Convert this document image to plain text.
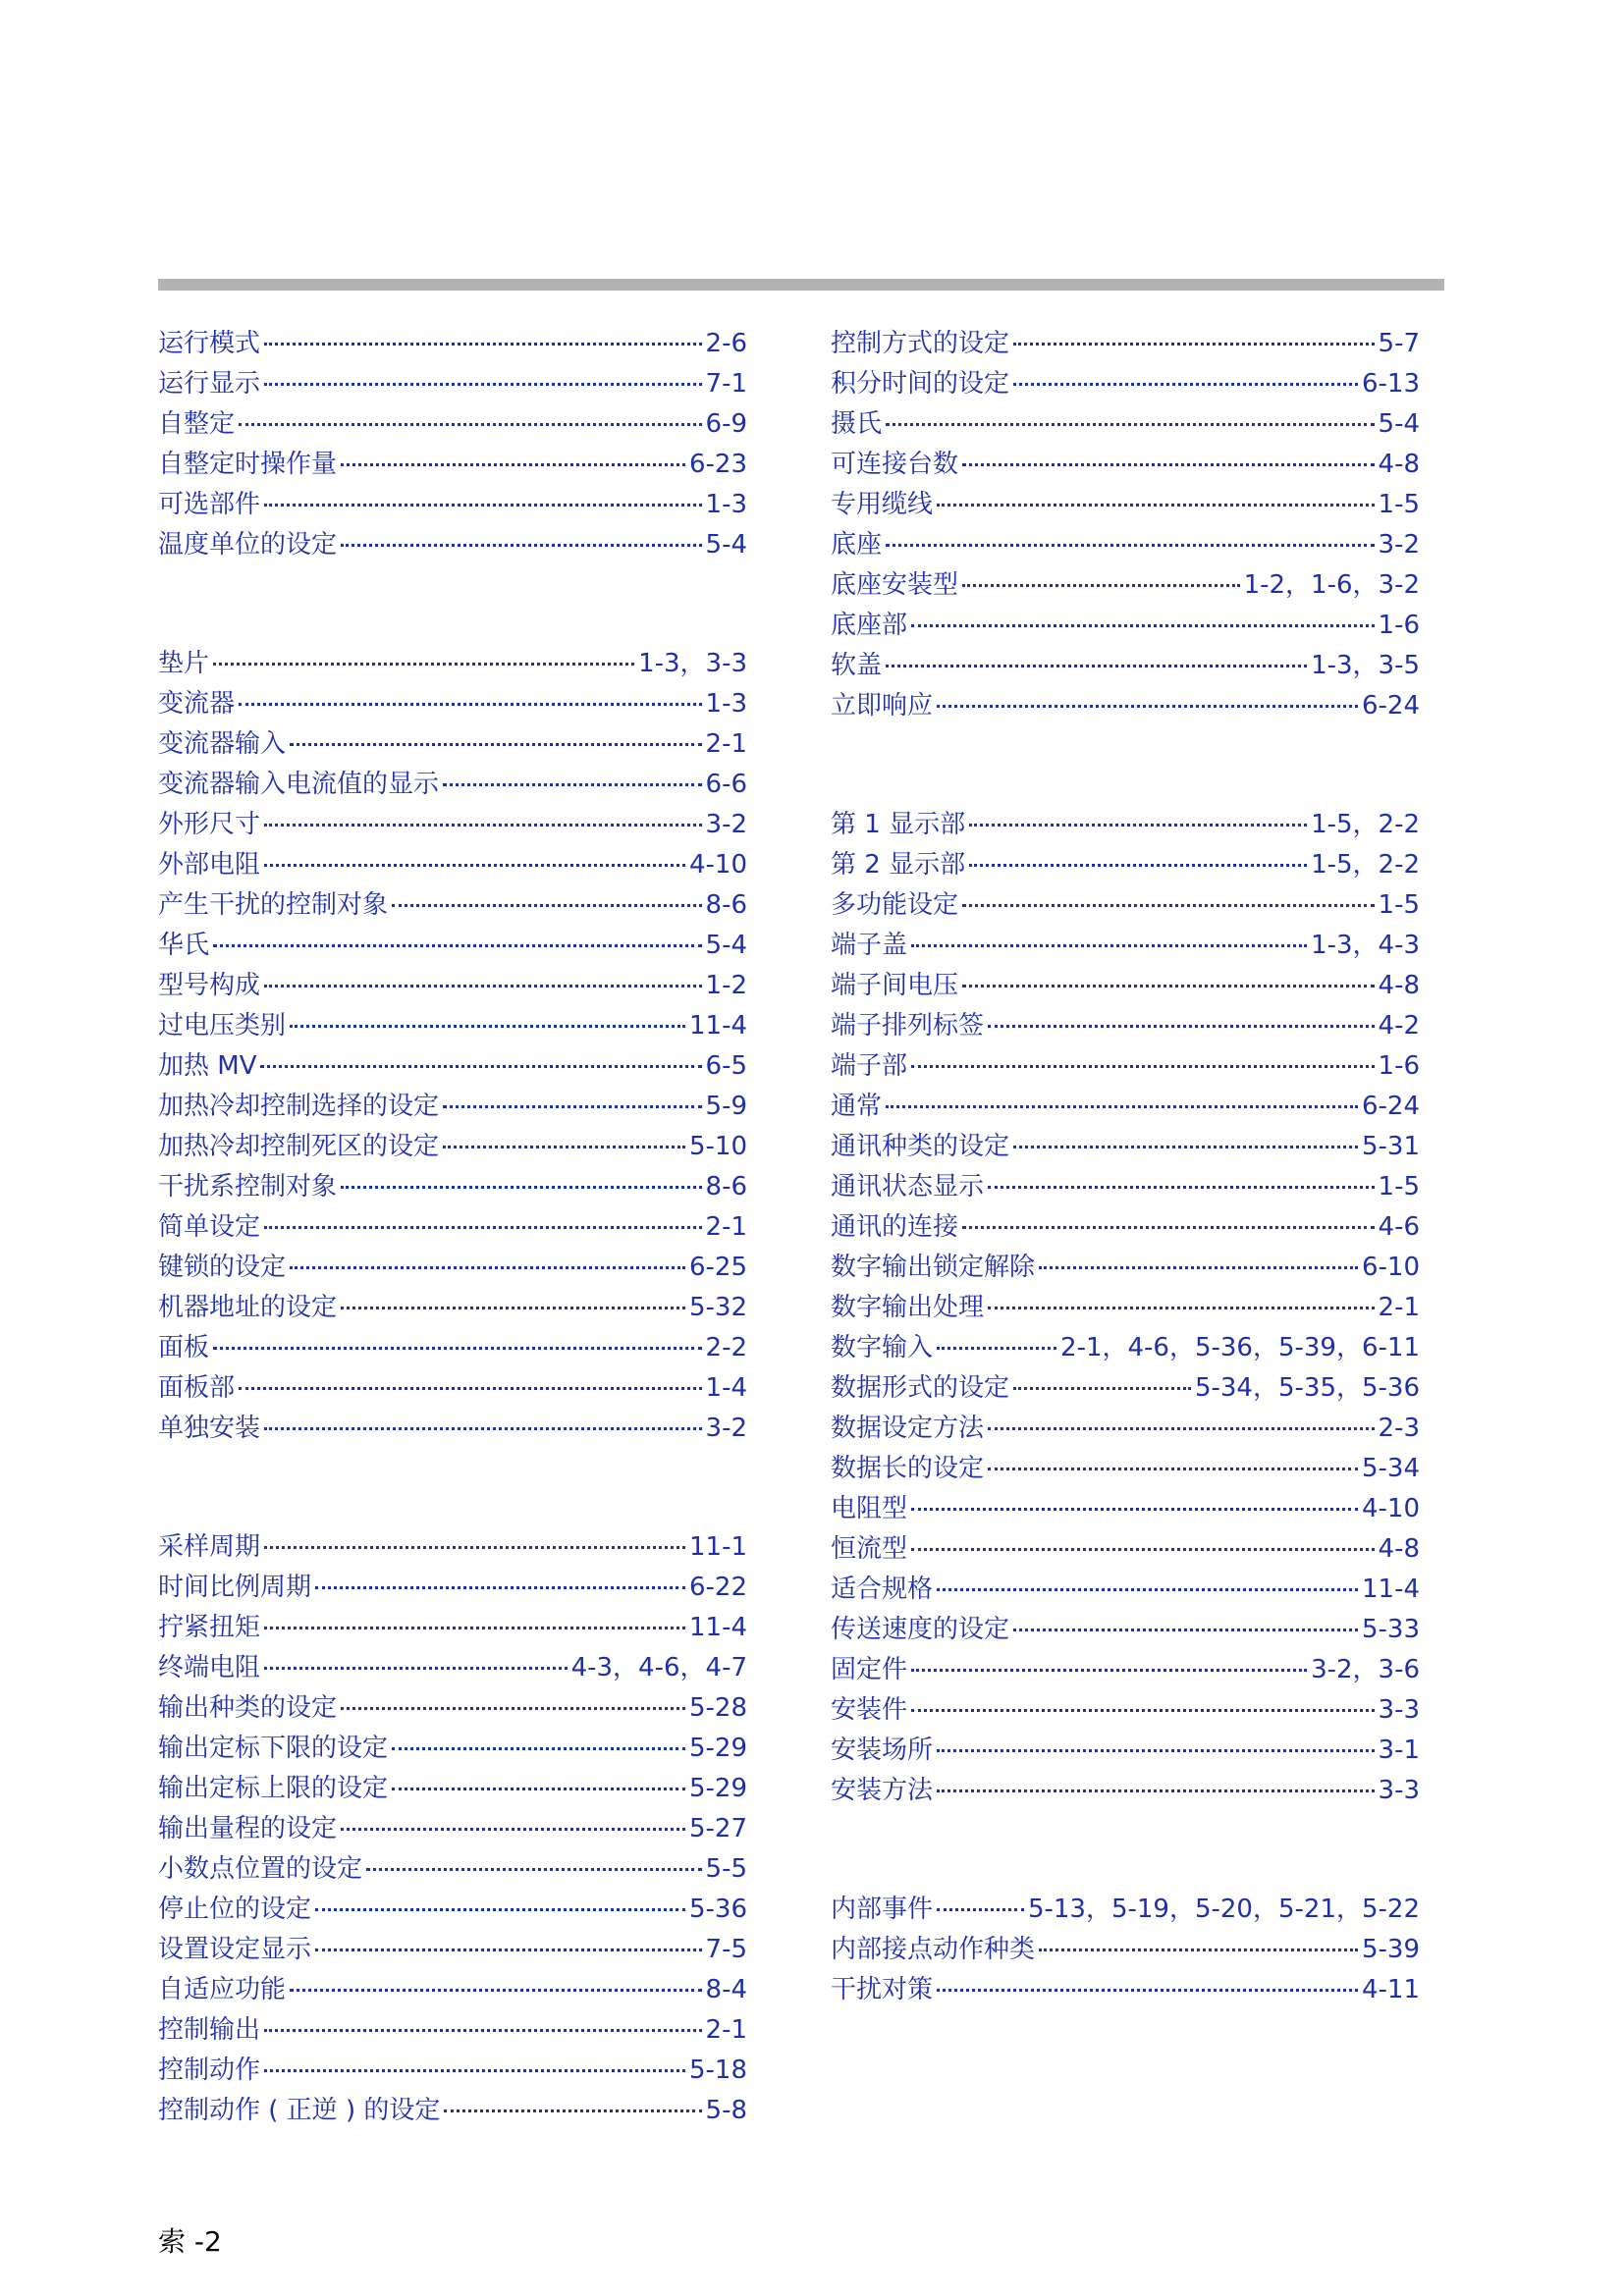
运行模式	2-6
运行显示	7-1
自整定	6-9
自整定时操作量	6-23
可选部件	1-3
温度单位的设定	5-4
垫片	1-3，3-3
变流器	1-3
变流器输入	2-1
变流器输入电流值的显示	6-6
外形尺寸	3-2
外部电阻	4-10
产生干扰的控制对象	8-6
华氏	5-4
型号构成	1-2
过电压类别	11-4
加热 MV	6-5
加热冷却控制选择的设定	5-9
加热冷却控制死区的设定	5-10
干扰系控制对象	8-6
简单设定	2-1
键锁的设定	6-25
机器地址的设定	5-32
面板	2-2
面板部	1-4
单独安装	3-2
采样周期	11-1
时间比例周期	6-22
拧紧扭矩	11-4
终端电阻	4-3，4-6，4-7
输出种类的设定	5-28
输出定标下限的设定	5-29
输出定标上限的设定	5-29
输出量程的设定	5-27
小数点位置的设定	5-5
停止位的设定	5-36
设置设定显示	7-5
自适应功能	8-4
控制输出	2-1
控制动作	5-18
控制动作 ( 正逆 ) 的设定	5-8
控制方式的设定	5-7
积分时间的设定	6-13
摄氏	5-4
可连接台数	4-8
专用缆线	1-5
底座	3-2
底座安装型	1-2，1-6，3-2
底座部	1-6
软盖	1-3，3-5
立即响应	6-24
第 1 显示部	1-5，2-2
第 2 显示部	1-5，2-2
多功能设定	1-5
端子盖	1-3，4-3
端子间电压	4-8
端子排列标签	4-2
端子部	1-6
通常	6-24
通讯种类的设定	5-31
通讯状态显示	1-5
通讯的连接	4-6
数字输出锁定解除	6-10
数字输出处理	2-1
数字输入	2-1，4-6，5-36，5-39，6-11
数据形式的设定	5-34，5-35，5-36
数据设定方法	2-3
数据长的设定	5-34
电阻型	4-10
恒流型	4-8
适合规格	11-4
传送速度的设定	5-33
固定件	3-2，3-6
安装件	3-3
安装场所	3-1
安装方法	3-3
内部事件	5-13，5-19，5-20，5-21，5-22
内部接点动作种类	5-39
干扰对策	4-11
索 -2
